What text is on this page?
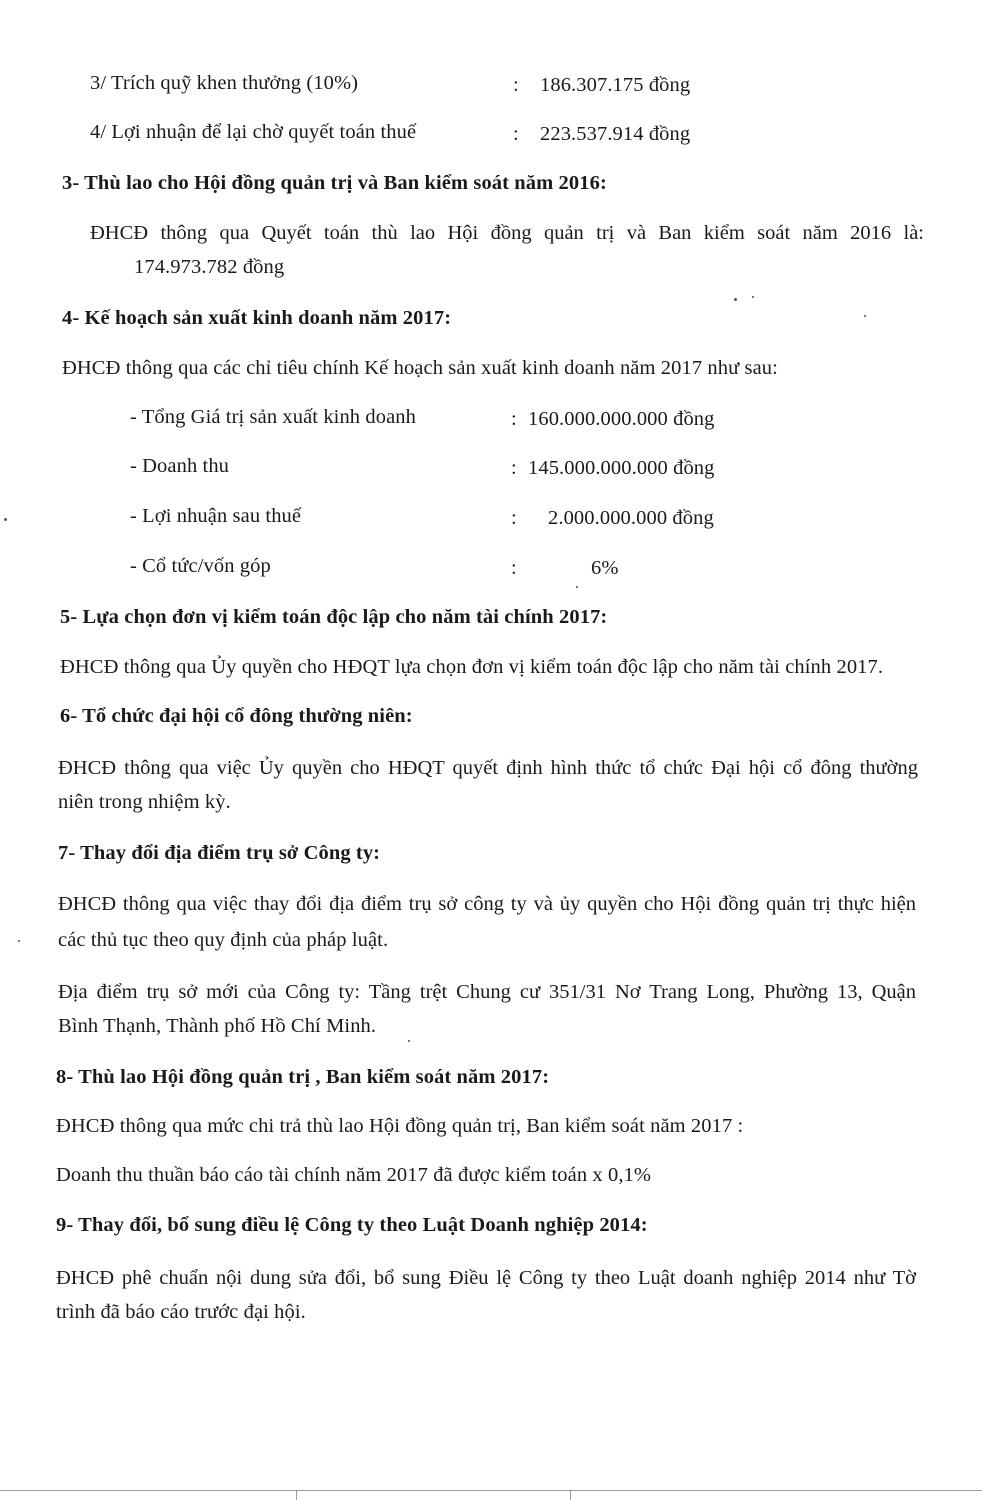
3/ Trích quỹ khen thưởng (10%)	: 186.307.175 đồng
4/ Lợi nhuận để lại chờ quyết toán thuế	: 223.537.914 đồng
3- Thù lao cho Hội đồng quản trị và Ban kiểm soát năm 2016:
ĐHCĐ thông qua Quyết toán thù lao Hội đồng quản trị và Ban kiểm soát năm 2016 là:
174.973.782 đồng
4- Kế hoạch sản xuất kinh doanh năm 2017:
ĐHCĐ thông qua các chỉ tiêu chính Kế hoạch sản xuất kinh doanh năm 2017 như sau:
- Tổng Giá trị sản xuất kinh doanh	: 160.000.000.000 đồng
- Doanh thu	: 145.000.000.000 đồng
- Lợi nhuận sau thuế	: 2.000.000.000 đồng
- Cổ tức/vốn góp	:	6%
5- Lựa chọn đơn vị kiểm toán độc lập cho năm tài chính 2017:
ĐHCĐ thông qua Ủy quyền cho HĐQT lựa chọn đơn vị kiểm toán độc lập cho năm tài chính 2017.
6- Tổ chức đại hội cổ đông thường niên:
ĐHCĐ thông qua việc Ủy quyền cho HĐQT quyết định hình thức tổ chức Đại hội cổ đông thường
niên trong nhiệm kỳ.
7- Thay đổi địa điểm trụ sở Công ty:
ĐHCĐ thông qua việc thay đổi địa điểm trụ sở công ty và ủy quyền cho Hội đồng quản trị thực hiện
các thủ tục theo quy định của pháp luật.
Địa điểm trụ sở mới của Công ty: Tầng trệt Chung cư 351/31 Nơ Trang Long, Phường 13, Quận
Bình Thạnh, Thành phố Hồ Chí Minh.
8- Thù lao Hội đồng quản trị , Ban kiểm soát năm 2017:
ĐHCĐ thông qua mức chi trả thù lao Hội đồng quản trị, Ban kiểm soát năm 2017 :
Doanh thu thuần báo cáo tài chính năm 2017 đã được kiểm toán x 0,1%
9- Thay đổi, bổ sung điều lệ Công ty theo Luật Doanh nghiệp 2014:
ĐHCĐ phê chuẩn nội dung sửa đổi, bổ sung Điều lệ Công ty theo Luật doanh nghiệp 2014 như Tờ
trình đã báo cáo trước đại hội.
